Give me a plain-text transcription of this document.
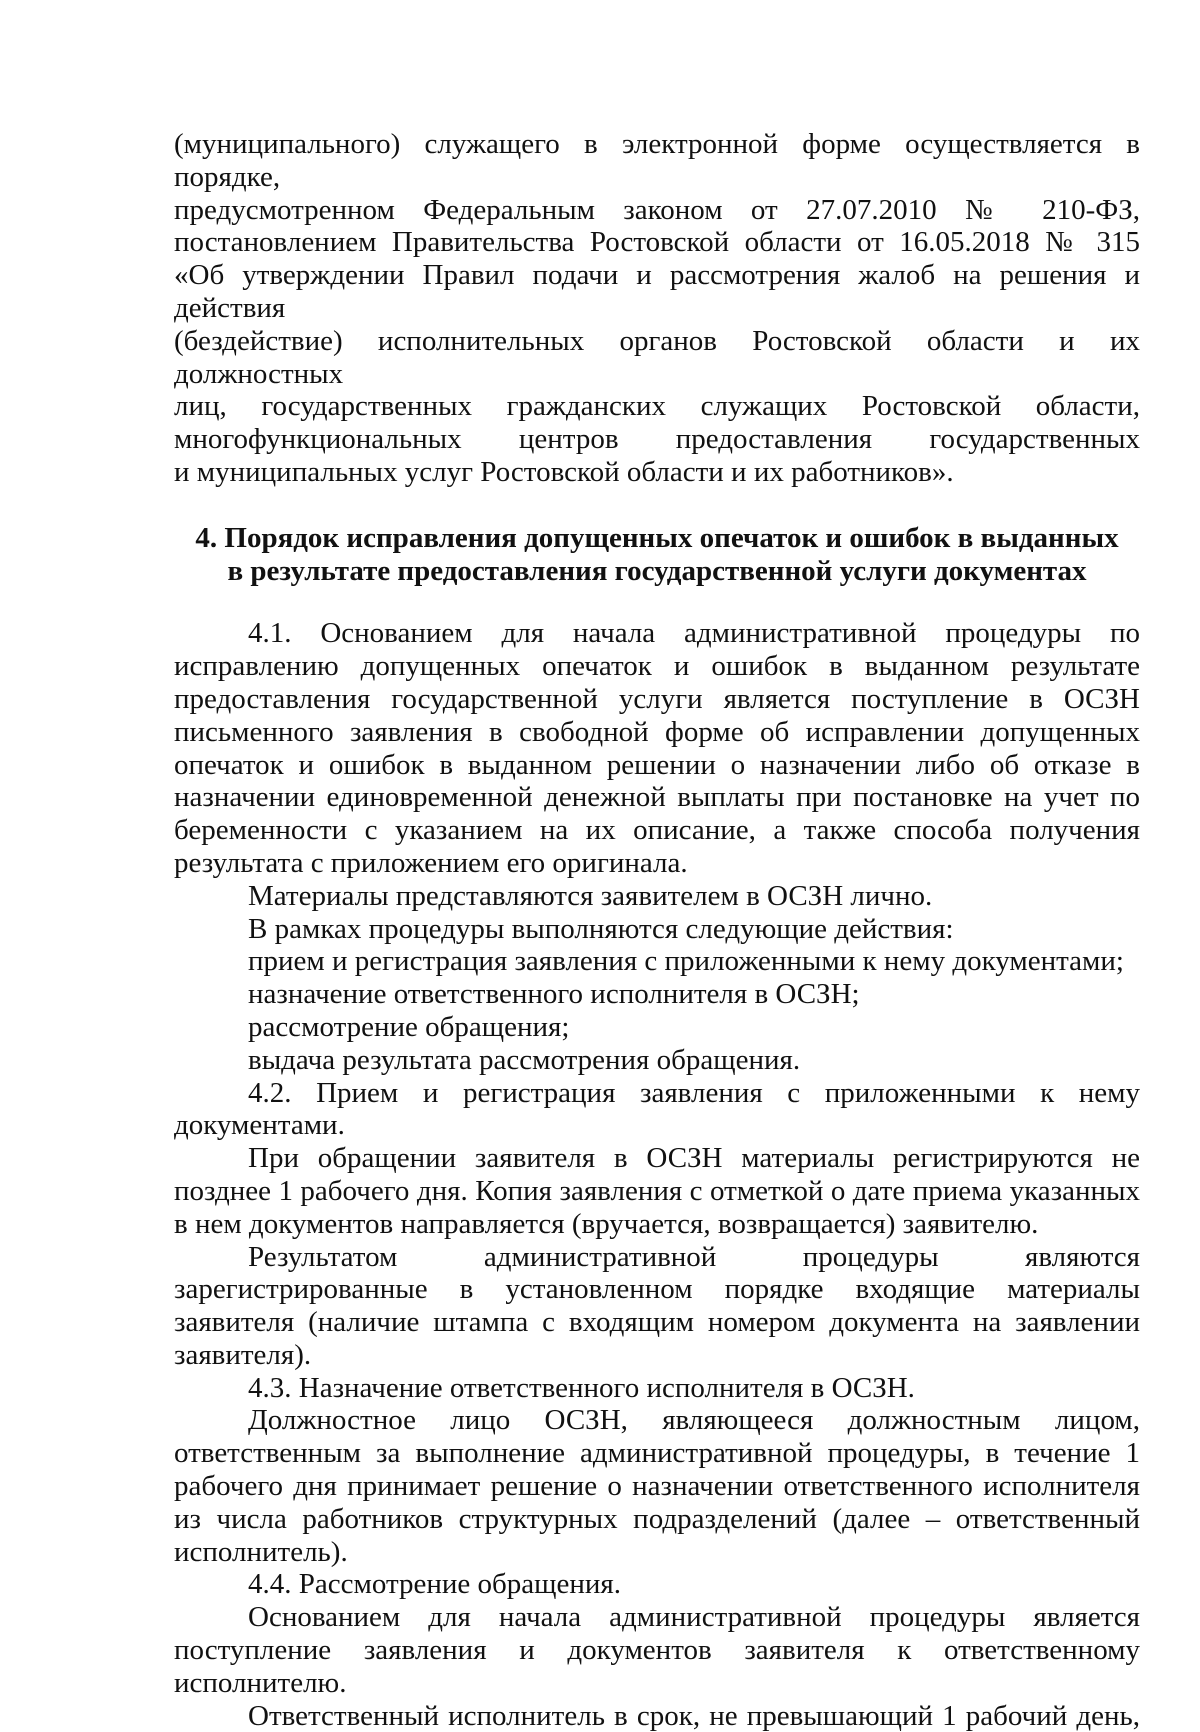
(муниципального) служащего в электронной форме осуществляется в порядке,
предусмотренном Федеральным законом от 27.07.2010 № 210-ФЗ,
постановлением Правительства Ростовской области от 16.05.2018 № 315
«Об утверждении Правил подачи и рассмотрения жалоб на решения и действия
(бездействие) исполнительных органов Ростовской области и их должностных
лиц, государственных гражданских служащих Ростовской области,
многофункциональных центров предоставления государственных
и муниципальных услуг Ростовской области и их работников».
4. Порядок исправления допущенных опечаток и ошибок в выданных
в результате предоставления государственной услуги документах

4.1. Основанием для начала административной процедуры по исправлению допущенных опечаток и ошибок в выданном результате предоставления государственной услуги является поступление в ОСЗН письменного заявления в свободной форме об исправлении допущенных опечаток и ошибок в выданном решении о назначении либо об отказе в назначении единовременной денежной выплаты при постановке на учет по беременности с указанием на их описание, а также способа получения результата с приложением его оригинала.

Материалы представляются заявителем в ОСЗН лично.

В рамках процедуры выполняются следующие действия:

прием и регистрация заявления с приложенными к нему документами;

назначение ответственного исполнителя в ОСЗН;

рассмотрение обращения;

выдача результата рассмотрения обращения.

4.2. Прием и регистрация заявления с приложенными к нему документами.

При обращении заявителя в ОСЗН материалы регистрируются не позднее 1 рабочего дня. Копия заявления с отметкой о дате приема указанных в нем документов направляется (вручается, возвращается) заявителю.

Результатом административной процедуры являются зарегистрированные в установленном порядке входящие материалы заявителя (наличие штампа с входящим номером документа на заявлении заявителя).

4.3. Назначение ответственного исполнителя в ОСЗН.

Должностное лицо ОСЗН, являющееся должностным лицом, ответственным за выполнение административной процедуры, в течение 1 рабочего дня принимает решение о назначении ответственного исполнителя из числа работников структурных подразделений (далее – ответственный исполнитель).

4.4. Рассмотрение обращения.

Основанием для начала административной процедуры является поступление заявления и документов заявителя к ответственному исполнителю.

Ответственный исполнитель в срок, не превышающий 1 рабочий день,
